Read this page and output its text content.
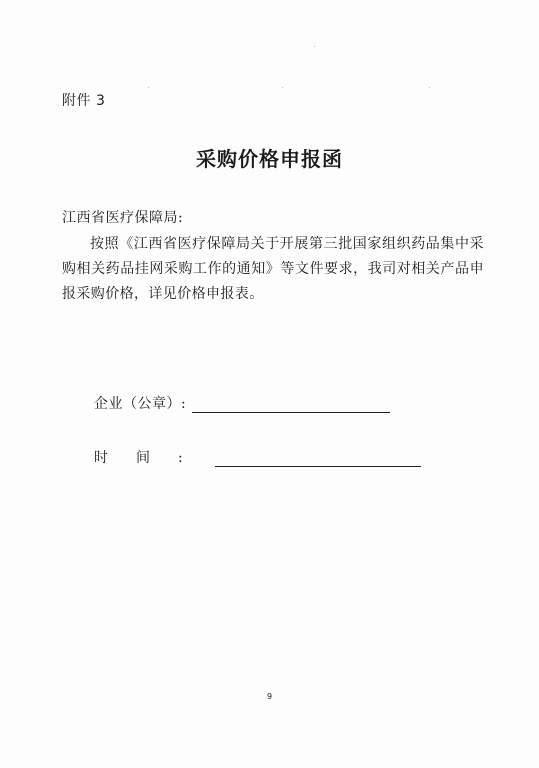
附件 3
采购价格申报函
江西省医疗保障局:
按照《江西省医疗保障局关于开展第三批国家组织药品集中采购相关药品挂网采购工作的通知》等文件要求，我司对相关产品申报采购价格，详见价格申报表。
企业（公章）:
时间:
9
